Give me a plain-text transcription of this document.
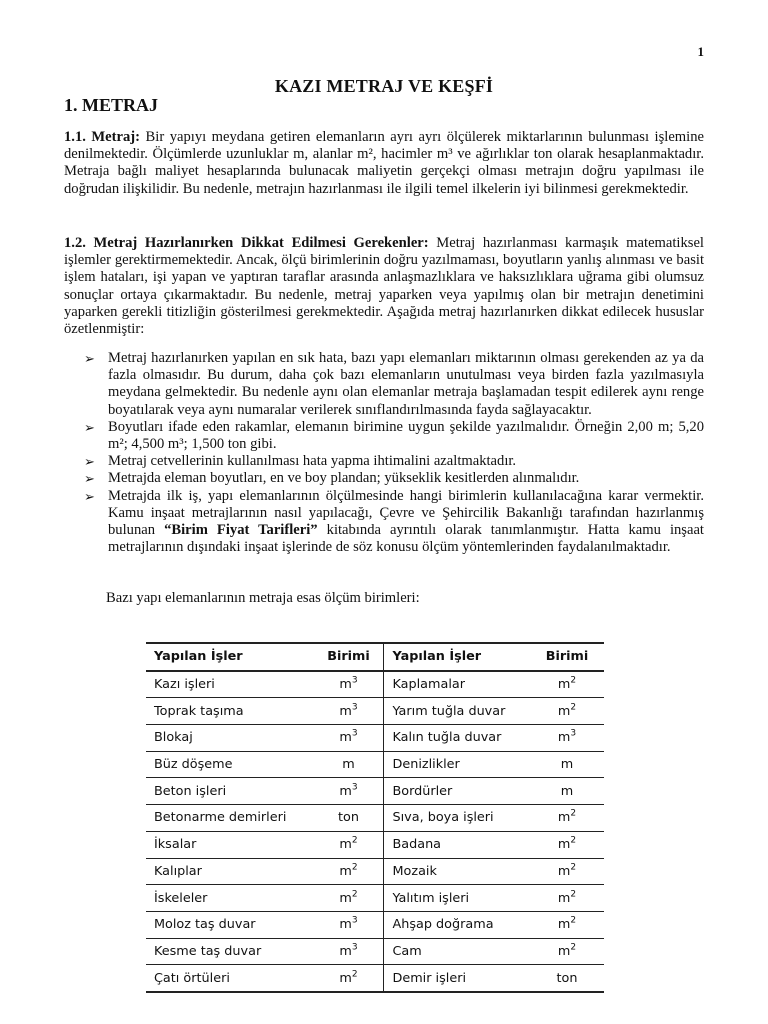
1
KAZI METRAJ VE KEŞFİ
1. METRAJ

1.1. Metraj: Bir yapıyı meydana getiren elemanların ayrı ayrı ölçülerek miktarlarının bulunması işlemine denilmektedir. Ölçümlerde uzunluklar m, alanlar m², hacimler m³ ve ağırlıklar ton olarak hesaplanmaktadır. Metraja bağlı maliyet hesaplarında bulunacak maliyetin gerçekçi olması metrajın doğru yapılması ile doğrudan ilişkilidir. Bu nedenle, metrajın hazırlanması ile ilgili temel ilkelerin iyi bilinmesi gerekmektedir.

1.2. Metraj Hazırlanırken Dikkat Edilmesi Gerekenler: Metraj hazırlanması karmaşık matematiksel işlemler gerektirmemektedir. Ancak, ölçü birimlerinin doğru yazılmaması, boyutların yanlış alınması ve basit işlem hataları, işi yapan ve yaptıran taraflar arasında anlaşmazlıklara ve haksızlıklara uğrama gibi olumsuz sonuçlar ortaya çıkarmaktadır. Bu nedenle, metraj yaparken veya yapılmış olan bir metrajın denetimini yaparken gerekli titizliğin gösterilmesi gerekmektedir. Aşağıda metraj hazırlanırken dikkat edilecek hususlar özetlenmiştir:

➢ Metraj hazırlanırken yapılan en sık hata, bazı yapı elemanları miktarının olması gerekenden az ya da fazla olmasıdır. Bu durum, daha çok bazı elemanların unutulması veya birden fazla yazılmasıyla meydana gelmektedir. Bu nedenle aynı olan elemanlar metraja başlamadan tespit edilerek aynı renge boyatılarak veya aynı numaralar verilerek sınıflandırılmasında fayda sağlayacaktır.
➢ Boyutları ifade eden rakamlar, elemanın birimine uygun şekilde yazılmalıdır. Örneğin 2,00 m; 5,20 m²; 4,500 m³; 1,500 ton gibi.
➢ Metraj cetvellerinin kullanılması hata yapma ihtimalini azaltmaktadır.
➢ Metrajda eleman boyutları, en ve boy plandan; yükseklik kesitlerden alınmalıdır.
➢ Metrajda ilk iş, yapı elemanlarının ölçülmesinde hangi birimlerin kullanılacağına karar vermektir. Kamu inşaat metrajlarının nasıl yapılacağı, Çevre ve Şehircilik Bakanlığı tarafından hazırlanmış bulunan “Birim Fiyat Tarifleri” kitabında ayrıntılı olarak tanımlanmıştır. Hatta kamu inşaat metrajlarının dışındaki inşaat işlerinde de söz konusu ölçüm yöntemlerinden faydalanılmaktadır.
Bazı yapı elemanlarının metraja esas ölçüm birimleri:
Yapılan İşler	Birimi	Yapılan İşler	Birimi
Kazı işleri	$m^3$	Kaplamalar	$m^2$
Toprak taşıma	$m^3$	Yarım tuğla duvar	$m^2$
Blokaj	$m^3$	Kalın tuğla duvar	$m^3$
Büz döşeme	m	Denizlikler	m
Beton işleri	$m^3$	Bordürler	m
Betonarme demirleri	ton	Sıva, boya işleri	$m^2$
İksalar	$m^2$	Badana	$m^2$
Kalıplar	$m^2$	Mozaik	$m^2$
İskeleler	$m^2$	Yalıtım işleri	$m^2$
Moloz taş duvar	$m^3$	Ahşap doğrama	$m^2$
Kesme taş duvar	$m^3$	Cam	$m^2$
Çatı örtüleri	$m^2$	Demir işleri	ton
